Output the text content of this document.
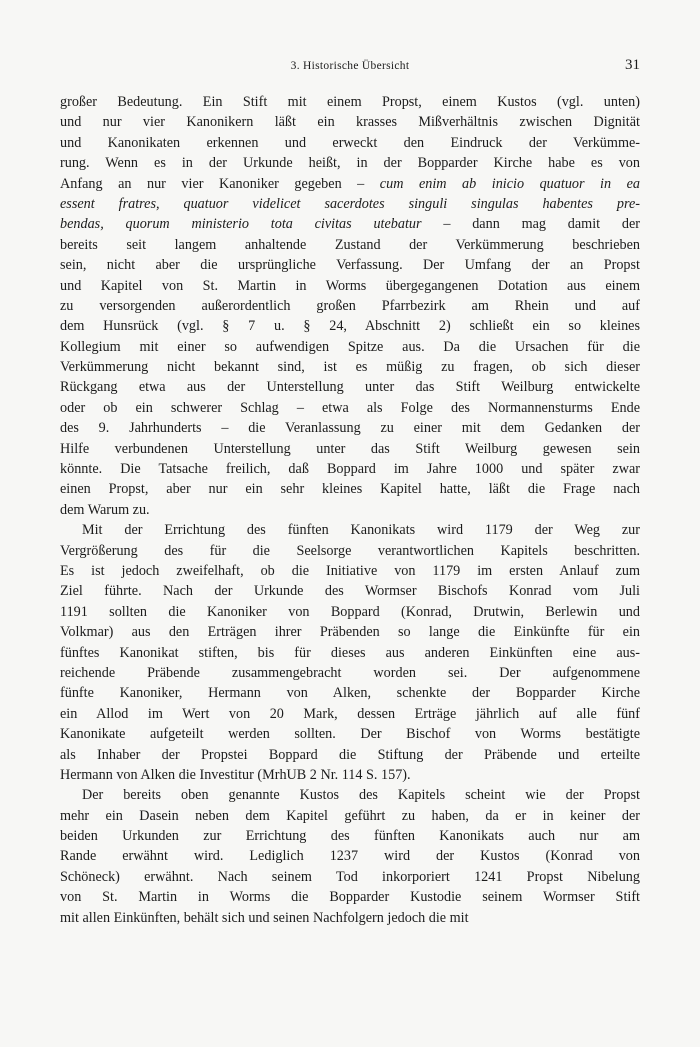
3. Historische Übersicht	31
großer Bedeutung. Ein Stift mit einem Propst, einem Kustos (vgl. unten)
und nur vier Kanonikern läßt ein krasses Mißverhältnis zwischen Dignität
und Kanonikaten erkennen und erweckt den Eindruck der Verkümme-
rung. Wenn es in der Urkunde heißt, in der Bopparder Kirche habe es von
Anfang an nur vier Kanoniker gegeben – cum enim ab inicio quatuor in ea
essent fratres, quatuor videlicet sacerdotes singuli singulas habentes pre-
bendas, quorum ministerio tota civitas utebatur – dann mag damit der
bereits seit langem anhaltende Zustand der Verkümmerung beschrieben
sein, nicht aber die ursprüngliche Verfassung. Der Umfang der an Propst
und Kapitel von St. Martin in Worms übergegangenen Dotation aus einem
zu versorgenden außerordentlich großen Pfarrbezirk am Rhein und auf
dem Hunsrück (vgl. § 7 u. § 24, Abschnitt 2) schließt ein so kleines
Kollegium mit einer so aufwendigen Spitze aus. Da die Ursachen für die
Verkümmerung nicht bekannt sind, ist es müßig zu fragen, ob sich dieser
Rückgang etwa aus der Unterstellung unter das Stift Weilburg entwickelte
oder ob ein schwerer Schlag – etwa als Folge des Normannensturms Ende
des 9. Jahrhunderts – die Veranlassung zu einer mit dem Gedanken der
Hilfe verbundenen Unterstellung unter das Stift Weilburg gewesen sein
könnte. Die Tatsache freilich, daß Boppard im Jahre 1000 und später zwar
einen Propst, aber nur ein sehr kleines Kapitel hatte, läßt die Frage nach
dem Warum zu.
Mit der Errichtung des fünften Kanonikats wird 1179 der Weg zur
Vergrößerung des für die Seelsorge verantwortlichen Kapitels beschritten.
Es ist jedoch zweifelhaft, ob die Initiative von 1179 im ersten Anlauf zum
Ziel führte. Nach der Urkunde des Wormser Bischofs Konrad vom Juli
1191 sollten die Kanoniker von Boppard (Konrad, Drutwin, Berlewin und
Volkmar) aus den Erträgen ihrer Präbenden so lange die Einkünfte für ein
fünftes Kanonikat stiften, bis für dieses aus anderen Einkünften eine aus-
reichende Präbende zusammengebracht worden sei. Der aufgenommene
fünfte Kanoniker, Hermann von Alken, schenkte der Bopparder Kirche
ein Allod im Wert von 20 Mark, dessen Erträge jährlich auf alle fünf
Kanonikate aufgeteilt werden sollten. Der Bischof von Worms bestätigte
als Inhaber der Propstei Boppard die Stiftung der Präbende und erteilte
Hermann von Alken die Investitur (MrhUB 2 Nr. 114 S. 157).
Der bereits oben genannte Kustos des Kapitels scheint wie der Propst
mehr ein Dasein neben dem Kapitel geführt zu haben, da er in keiner der
beiden Urkunden zur Errichtung des fünften Kanonikats auch nur am
Rande erwähnt wird. Lediglich 1237 wird der Kustos (Konrad von
Schöneck) erwähnt. Nach seinem Tod inkorporiert 1241 Propst Nibelung
von St. Martin in Worms die Bopparder Kustodie seinem Wormser Stift
mit allen Einkünften, behält sich und seinen Nachfolgern jedoch die mit
